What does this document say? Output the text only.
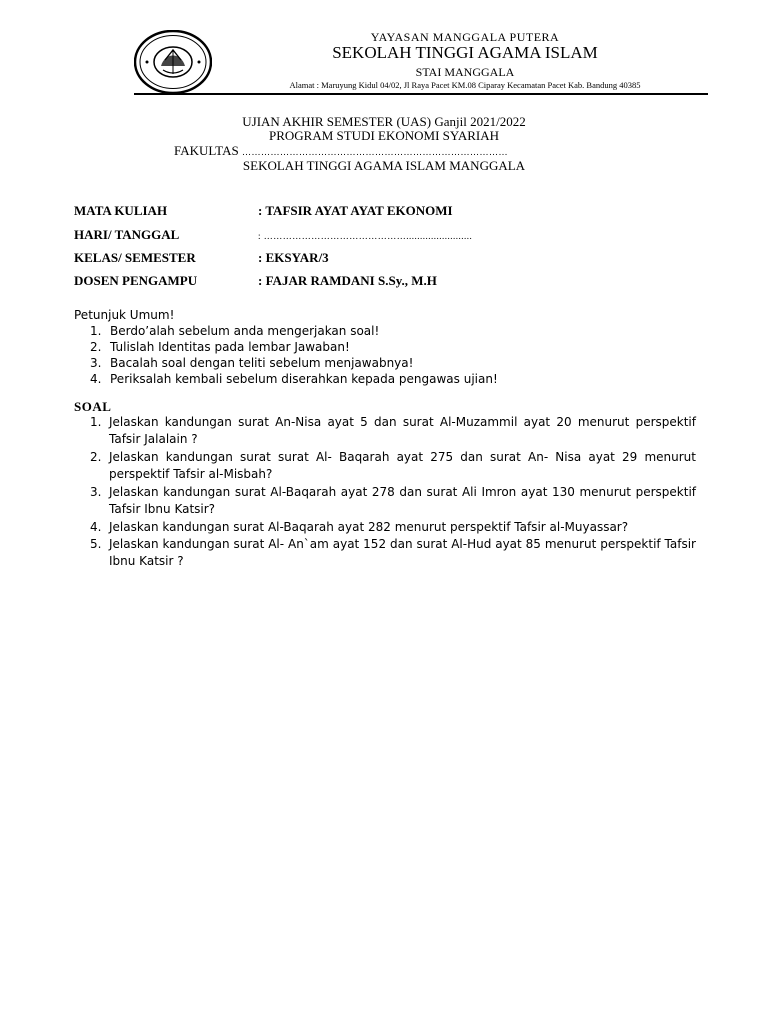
YAYASAN MANGGALA PUTERA
SEKOLAH TINGGI AGAMA ISLAM
STAI MANGGALA
Alamat : Maruyung Kidul 04/02, Jl Raya Pacet KM.08 Ciparay Kecamatan Pacet Kab. Bandung 40385
UJIAN AKHIR SEMESTER (UAS) Ganjil 2021/2022
PROGRAM STUDI EKONOMI SYARIAH
FAKULTAS …………………………………………………………………………
SEKOLAH TINGGI AGAMA ISLAM MANGGALA
MATA KULIAH	: TAFSIR AYAT AYAT EKONOMI
HARI/ TANGGAL	: ………………………………………........................
KELAS/ SEMESTER	: EKSYAR/3
DOSEN PENGAMPU	: FAJAR RAMDANI S.Sy., M.H
Petunjuk Umum!
1. Berdo’alah sebelum anda mengerjakan soal!
2. Tulislah Identitas pada lembar Jawaban!
3. Bacalah soal dengan teliti sebelum menjawabnya!
4. Periksalah kembali sebelum diserahkan kepada pengawas ujian!
SOAL
1. Jelaskan kandungan surat An-Nisa ayat 5 dan surat Al-Muzammil ayat 20 menurut perspektif Tafsir Jalalain ?
2. Jelaskan kandungan surat surat Al- Baqarah ayat 275 dan surat An- Nisa ayat 29 menurut perspektif Tafsir al-Misbah?
3. Jelaskan kandungan surat Al-Baqarah ayat 278 dan surat Ali Imron ayat 130 menurut perspektif Tafsir Ibnu Katsir?
4. Jelaskan kandungan surat Al-Baqarah ayat 282 menurut perspektif Tafsir al-Muyassar?
5. Jelaskan kandungan surat Al- An`am ayat 152 dan surat Al-Hud ayat 85 menurut perspektif Tafsir Ibnu Katsir ?
